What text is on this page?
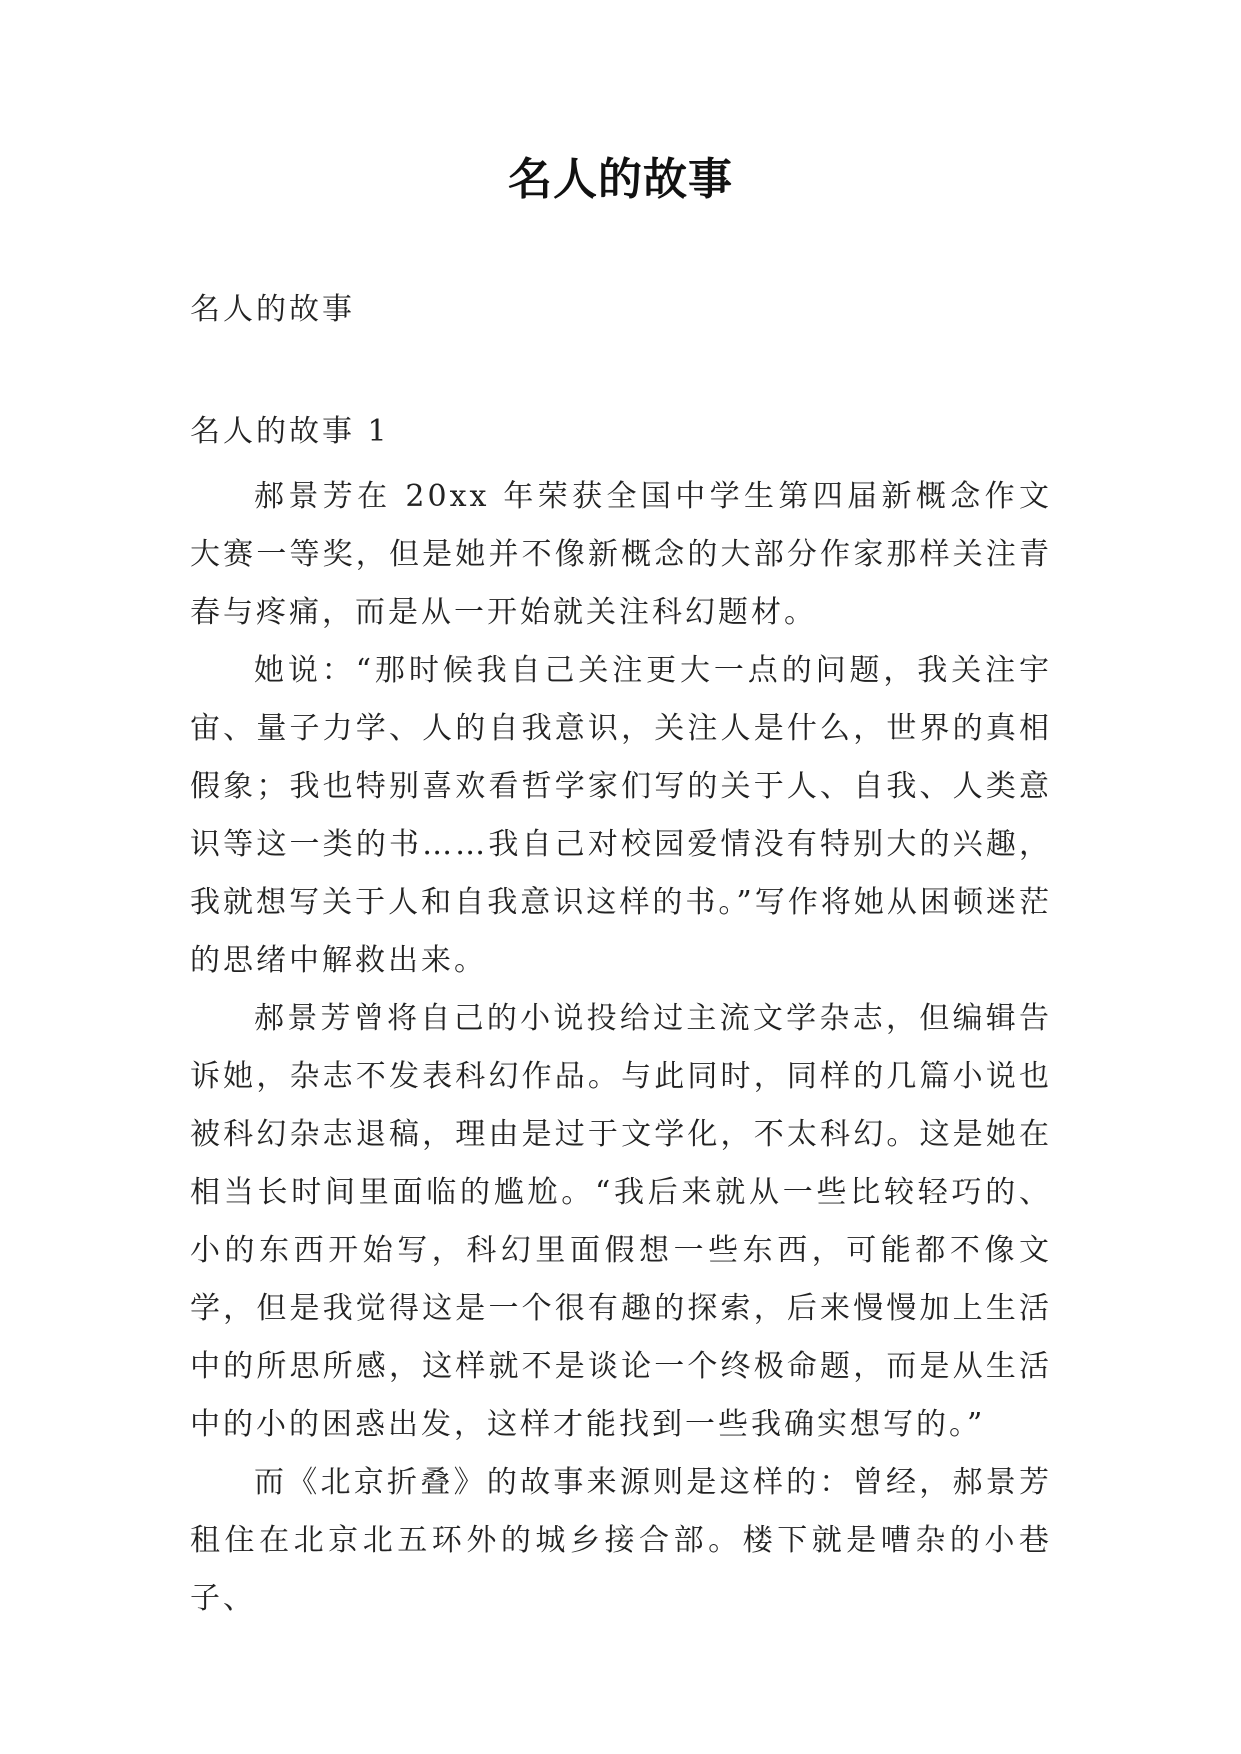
名人的故事
名人的故事
名人的故事 1

郝景芳在 20xx 年荣获全国中学生第四届新概念作文大赛一等奖，但是她并不像新概念的大部分作家那样关注青春与疼痛，而是从一开始就关注科幻题材。

她说：“那时候我自己关注更大一点的问题，我关注宇宙、量子力学、人的自我意识，关注人是什么，世界的真相假象；我也特别喜欢看哲学家们写的关于人、自我、人类意识等这一类的书……我自己对校园爱情没有特别大的兴趣，我就想写关于人和自我意识这样的书。”写作将她从困顿迷茫的思绪中解救出来。

郝景芳曾将自己的小说投给过主流文学杂志，但编辑告诉她，杂志不发表科幻作品。与此同时，同样的几篇小说也被科幻杂志退稿，理由是过于文学化，不太科幻。这是她在相当长时间里面临的尴尬。“我后来就从一些比较轻巧的、小的东西开始写，科幻里面假想一些东西，可能都不像文学，但是我觉得这是一个很有趣的探索，后来慢慢加上生活中的所思所感，这样就不是谈论一个终极命题，而是从生活中的小的困惑出发，这样才能找到一些我确实想写的。”

而《北京折叠》的故事来源则是这样的：曾经，郝景芳租住在北京北五环外的城乡接合部。楼下就是嘈杂的小巷子、
